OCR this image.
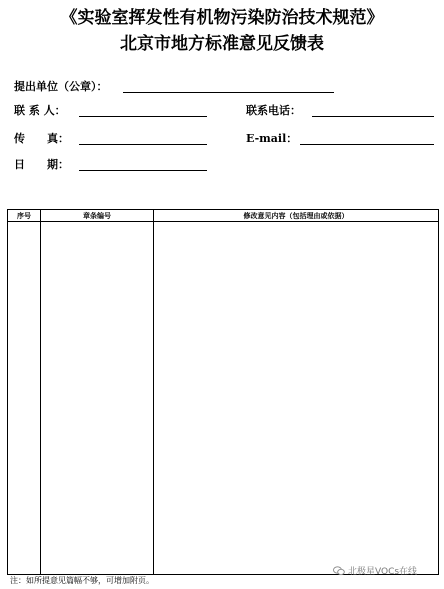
《实验室挥发性有机物污染防治技术规范》
北京市地方标准意见反馈表
提出单位（公章）：
联 系 人：	联系电话：
传　　真：	E-mail：
日　　期：
序号	章条编号	修改意见内容（包括理由或依据）

注：如所提意见篇幅不够，可增加附页。
北极星VOCs在线
